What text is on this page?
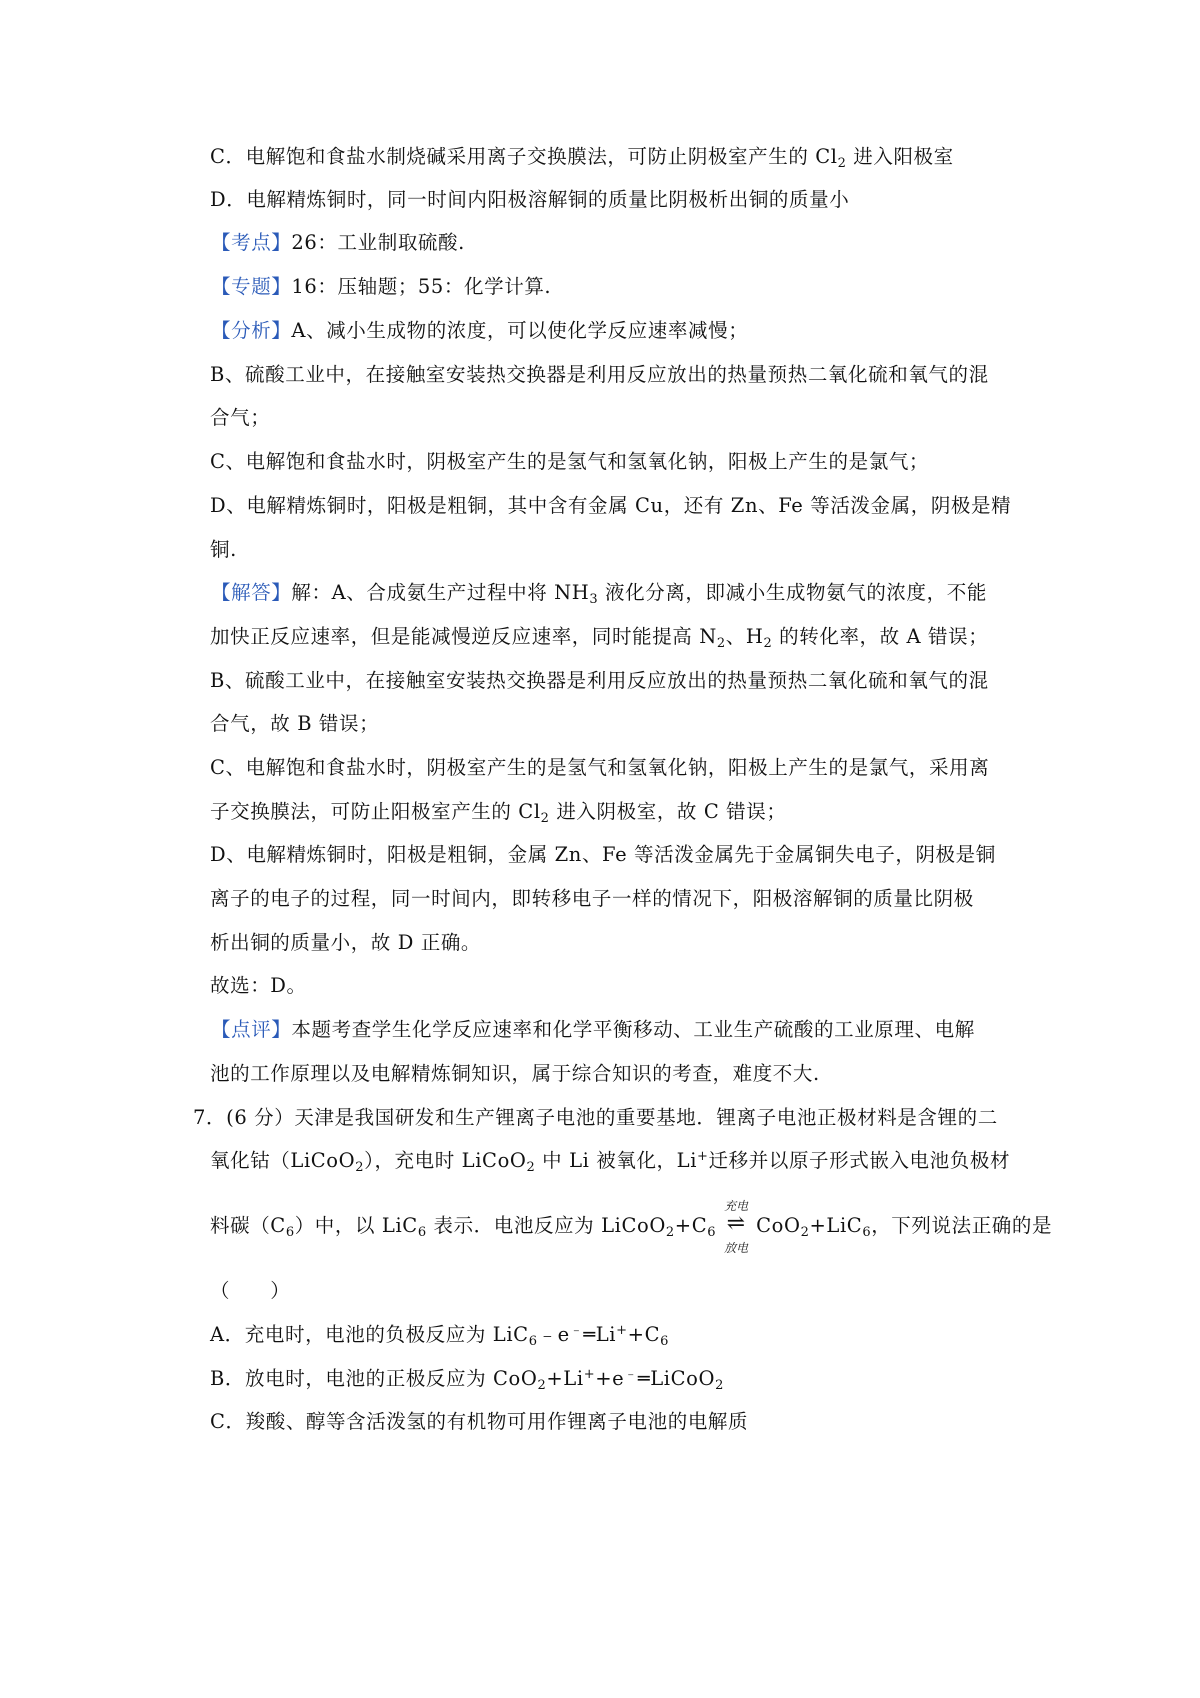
C．电解饱和食盐水制烧碱采用离子交换膜法，可防止阴极室产生的 $Cl_2$ 进入阳极室
D．电解精炼铜时，同一时间内阳极溶解铜的质量比阴极析出铜的质量小
【考点】26：工业制取硫酸.
【专题】16：压轴题；55：化学计算.
【分析】A、减小生成物的浓度，可以使化学反应速率减慢；
B、硫酸工业中，在接触室安装热交换器是利用反应放出的热量预热二氧化硫和氧气的混
合气；
C、电解饱和食盐水时，阴极室产生的是氢气和氢氧化钠，阳极上产生的是氯气；
D、电解精炼铜时，阳极是粗铜，其中含有金属 Cu，还有 Zn、Fe 等活泼金属，阴极是精
铜.
【解答】解：A、合成氨生产过程中将 $NH_3$ 液化分离，即减小生成物氨气的浓度，不能
加快正反应速率，但是能减慢逆反应速率，同时能提高 $N_2$、$H_2$ 的转化率，故 A 错误；
B、硫酸工业中，在接触室安装热交换器是利用反应放出的热量预热二氧化硫和氧气的混
合气，故 B 错误；
C、电解饱和食盐水时，阴极室产生的是氢气和氢氧化钠，阳极上产生的是氯气，采用离
子交换膜法，可防止阳极室产生的 $Cl_2$ 进入阴极室，故 C 错误；
D、电解精炼铜时，阳极是粗铜，金属 Zn、Fe 等活泼金属先于金属铜失电子，阴极是铜
离子的电子的过程，同一时间内，即转移电子一样的情况下，阳极溶解铜的质量比阴极
析出铜的质量小，故 D 正确。
故选：D。
【点评】本题考查学生化学反应速率和化学平衡移动、工业生产硫酸的工业原理、电解
池的工作原理以及电解精炼铜知识，属于综合知识的考查，难度不大.
7．(6 分）天津是我国研发和生产锂离子电池的重要基地．锂离子电池正极材料是含锂的二
氧化钴（LiCoO$_2$），充电时 LiCoO$_2$ 中 Li 被氧化，Li+迁移并以原子形式嵌入电池负极材
料碳$(C_6)$中，以 LiC$_6$ 表示．电池反应为 $LiCoO_2+C_6$
充电
⇌
放电
CoO$_2$+LiC$_6$，下列说法正确的是
（　　）
A．充电时，电池的负极反应为 $LiC_6﹣e^﹣═Li^++C_6$
B．放电时，电池的正极反应为 CoO$_2$+Li++e﹣═LiCoO$_2$
C．羧酸、醇等含活泼氢的有机物可用作锂离子电池的电解质
